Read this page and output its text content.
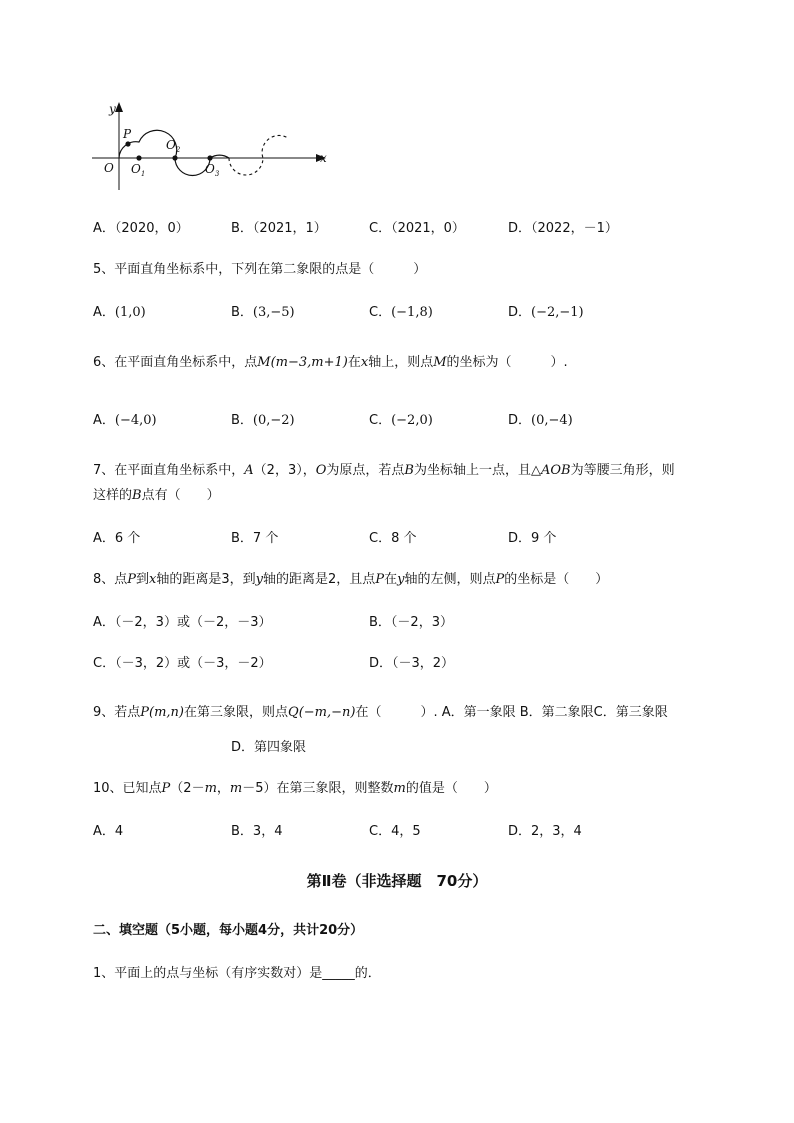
y
x
O
P
$O_1$
$O_2$
$O_3$
A．（2020，0）	B．（2021，1）	C．（2021，0）	D．（2022，－1）
5、平面直角坐标系中，下列在第二象限的点是（　　　）
A．(1,0)	B．(3,−5)	C．(−1,8)	D．(−2,−1)
6、在平面直角坐标系中，点M(m−3,m+1)在x轴上，则点M的坐标为（　　　）.
A．(−4,0)	B．(0,−2)	C．(−2,0)	D．(0,−4)
7、在平面直角坐标系中，A（2，3），O为原点，若点B为坐标轴上一点，且△AOB为等腰三角形，则
这样的B点有（　　）
A．6 个	B．7 个	C．8 个	D．9 个
8、点P到x轴的距离是3，到y轴的距离是2，且点P在y轴的左侧，则点P的坐标是（　　）
A．（－2，3）或（－2，－3）	B．（－2，3）
C．（－3，2）或（－3，－2）	D．（－3，2）
9、若点P(m,n)在第三象限，则点Q(−m,−n)在（　　　）. A．第一象限 B．第二象限C．第三象限
D．第四象限
10、已知点P（2－m，m－5）在第三象限，则整数m的值是（　　）
A．4	B．3，4	C．4，5	D．2，3，4
第Ⅱ卷（非选择题　70分）
二、填空题（5小题，每小题4分，共计20分）
1、平面上的点与坐标（有序实数对）是_____的．
